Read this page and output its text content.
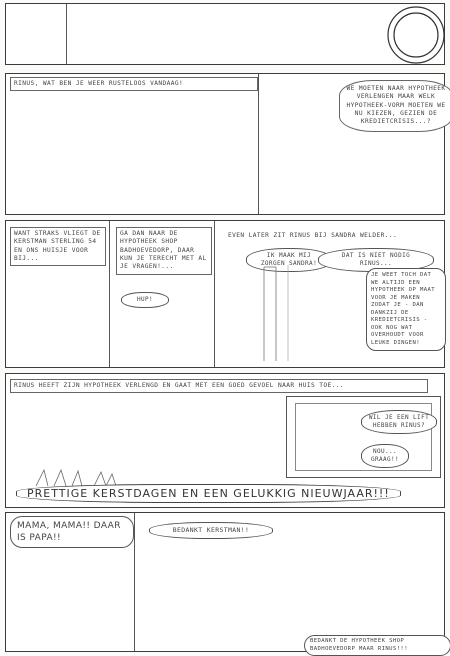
RINUS, WAT BEN JE WEER RUSTELOOS VANDAAG!
WE MOETEN NAAR HYPOTHEEK VERLENGEN MAAR WELK HYPOTHEEK-VORM MOETEN WE NU KIEZEN, GEZIEN DE KREDIETCRISIS...?
WANT STRAKS VLIEGT DE KERSTMAN STERLING 54 EN ONS HUISJE VOOR BIJ...
GA DAN NAAR DE HYPOTHEEK SHOP BADHOEVEDORP, DAAR KUN JE TERECHT MET AL JE VRAGEN!...
HUP!
EVEN LATER ZIT RINUS BIJ SANDRA WELDER...
IK MAAK MIJ ZORGEN SANDRA!
DAT IS NIET NODIG RINUS...
JE WEET TOCH DAT WE ALTIJD EEN HYPOTHEEK OP MAAT VOOR JE MAKEN ZODAT JE - DAN DANKZIJ DE KREDIETCRISIS - OOK NOG WAT OVERHOUDT VOOR LEUKE DINGEN!
RINUS HEEFT ZIJN HYPOTHEEK VERLENGD EN GAAT MET EEN GOED GEVOEL NAAR HUIS TOE...
WIL JE EEN LIFT HEBBEN RINUS?
NOU... GRAAG!!
PRETTIGE KERSTDAGEN EN EEN GELUKKIG NIEUWJAAR!!!
MAMA, MAMA!! DAAR IS PAPA!!
BEDANKT KERSTMAN!!
BEDANKT DE HYPOTHEEK SHOP BADHOEVEDORP MAAR RINUS!!!
